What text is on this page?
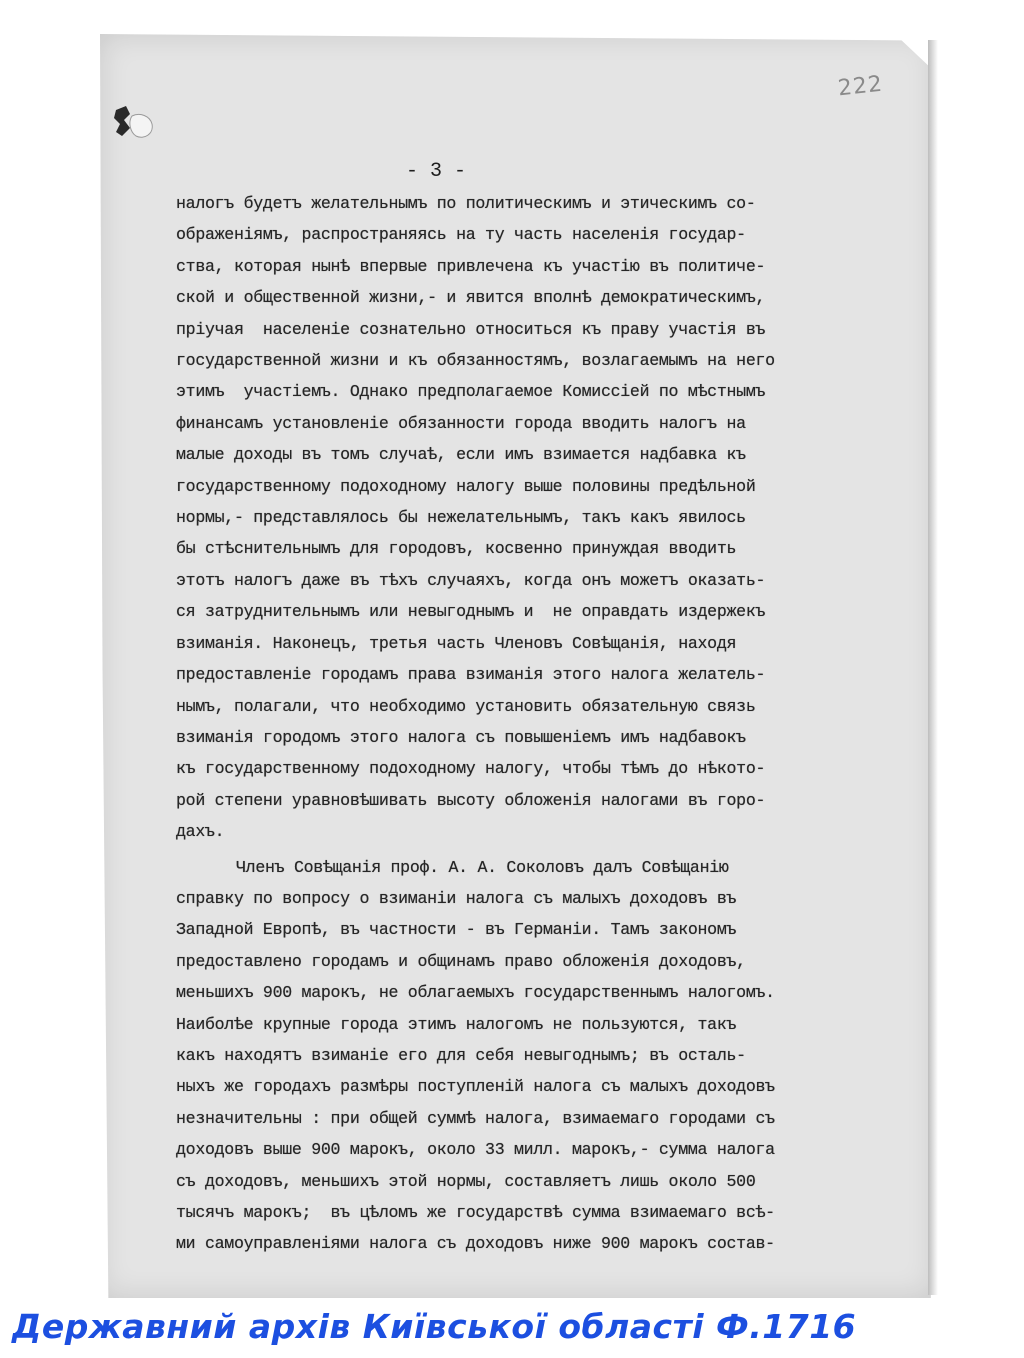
222
- 3 -
налогъ будетъ желательнымъ по политическимъ и этическимъ со-
ображеніямъ, распространяясь на ту часть населенія государ-
ства, которая нынѣ впервые привлечена къ участію въ политиче-
ской и общественной жизни,- и явится вполнѣ демократическимъ,
пріучая  населеніе сознательно относиться къ праву участія въ
государственной жизни и къ обязанностямъ, возлагаемымъ на него
этимъ  участіемъ. Однако предполагаемое Комиссіей по мѣстнымъ
финансамъ установленіе обязанности города вводить налогъ на
малые доходы въ томъ случаѣ, если имъ взимается надбавка къ
государственному подоходному налогу выше половины предѣльной
нормы,- представлялось бы нежелательнымъ, такъ какъ явилось
бы стѣснительнымъ для городовъ, косвенно принуждая вводить
этотъ налогъ даже въ тѣхъ случаяхъ, когда онъ можетъ оказать-
ся затруднительнымъ или невыгоднымъ и  не оправдать издержекъ
взиманія. Наконецъ, третья часть Членовъ Совѣщанія, находя
предоставленіе городамъ права взиманія этого налога желатель-
нымъ, полагали, что необходимо установить обязательную связь
взиманія городомъ этого налога съ повышеніемъ имъ надбавокъ
къ государственному подоходному налогу, чтобы тѣмъ до нѣкото-
рой степени уравновѣшивать высоту обложенія налогами въ горо-
дахъ.
Членъ Совѣщанія проф. А. А. Соколовъ далъ Совѣщанію
справку по вопросу о взиманіи налога съ малыхъ доходовъ въ
Западной Европѣ, въ частности - въ Германіи. Тамъ закономъ
предоставлено городамъ и общинамъ право обложенія доходовъ,
меньшихъ 900 марокъ, не облагаемыхъ государственнымъ налогомъ.
Наиболѣе крупные города этимъ налогомъ не пользуются, такъ
какъ находятъ взиманіе его для себя невыгоднымъ; въ осталь-
ныхъ же городахъ размѣры поступленій налога съ малыхъ доходовъ
незначительны : при общей суммѣ налога, взимаемаго городами съ
доходовъ выше 900 марокъ, около 33 милл. марокъ,- сумма налога
съ доходовъ, меньшихъ этой нормы, составляетъ лишь около 500
тысячъ марокъ;  въ цѣломъ же государствѣ сумма взимаемаго всѣ-
ми самоуправленіями налога съ доходовъ ниже 900 марокъ состав-
Державний архів Київської області Ф.1716
